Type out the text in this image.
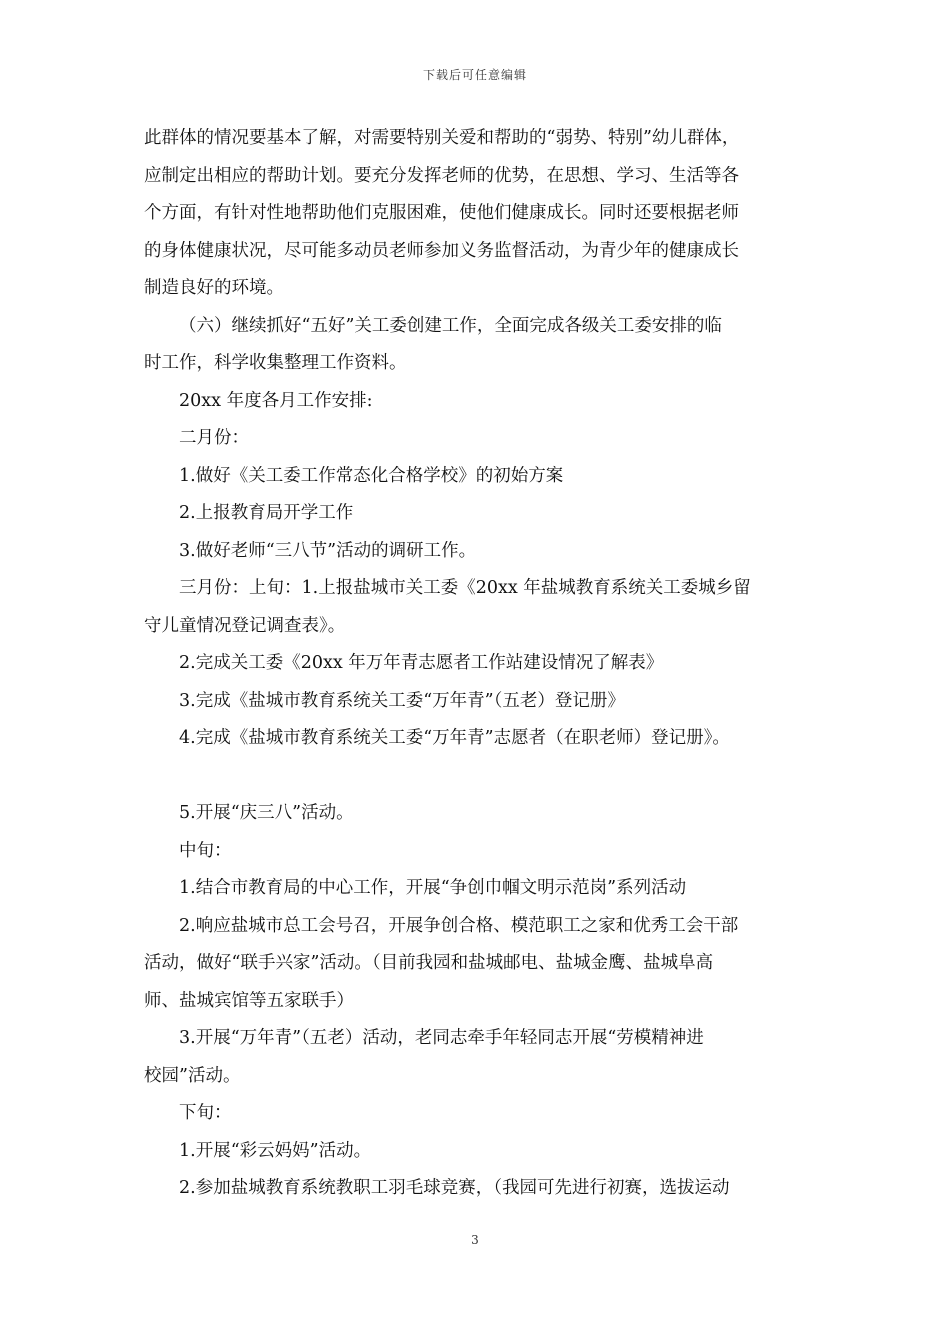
下载后可任意编辑
此群体的情况要基本了解，对需要特别关爱和帮助的“弱势、特别”幼儿群体，
应制定出相应的帮助计划。要充分发挥老师的优势，在思想、学习、生活等各
个方面，有针对性地帮助他们克服困难，使他们健康成长。同时还要根据老师
的身体健康状况，尽可能多动员老师参加义务监督活动，为青少年的健康成长
制造良好的环境。
（六）继续抓好“五好”关工委创建工作，全面完成各级关工委安排的临
时工作，科学收集整理工作资料。
20xx 年度各月工作安排:
二月份：
1.做好《关工委工作常态化合格学校》的初始方案
2.上报教育局开学工作
3.做好老师“三八节”活动的调研工作。
三月份：上旬：1.上报盐城市关工委《20xx 年盐城教育系统关工委城乡留
守儿童情况登记调查表》。
2.完成关工委《20xx 年万年青志愿者工作站建设情况了解表》
3.完成《盐城市教育系统关工委“万年青”（五老）登记册》
4.完成《盐城市教育系统关工委“万年青”志愿者（在职老师）登记册》。
5.开展“庆三八”活动。
中旬：
1.结合市教育局的中心工作，开展“争创巾帼文明示范岗”系列活动
2.响应盐城市总工会号召，开展争创合格、模范职工之家和优秀工会干部
活动，做好“联手兴家”活动。（目前我园和盐城邮电、盐城金鹰、盐城阜高
师、盐城宾馆等五家联手）
3.开展“万年青”（五老）活动，老同志牵手年轻同志开展“劳模精神进
校园”活动。
下旬：
1.开展“彩云妈妈”活动。
2.参加盐城教育系统教职工羽毛球竞赛，（我园可先进行初赛，选拔运动
3
